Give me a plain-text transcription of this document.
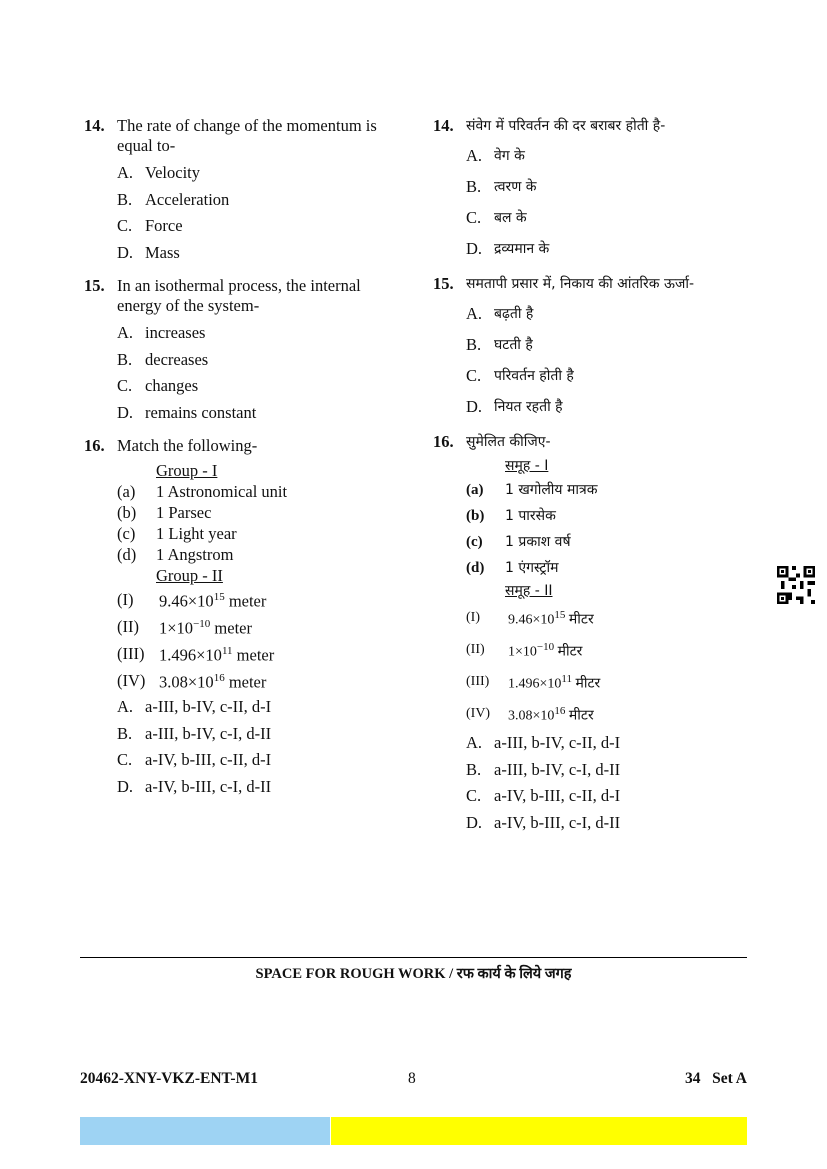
14. The rate of change of the momentum is equal to-
A. Velocity
B. Acceleration
C. Force
D. Mass
15. In an isothermal process, the internal energy of the system-
A. increases
B. decreases
C. changes
D. remains constant
16. Match the following-
Group - I
(a)	1 Astronomical unit
(b)	1 Parsec
(c)	1 Light year
(d)	1 Angstrom
Group - II
(I)	$9.46\times 10^{15}$ meter
(II)	$1\times 10^{-10}$ meter
(III) $1.496\times 10^{11}$ meter
(IV) $3.08\times 10^{16}$ meter
A. a-III, b-IV, c-II, d-I
B. a-III, b-IV, c-I, d-II
C. a-IV, b-III, c-II, d-I
D. a-IV, b-III, c-I, d-II
14. संवेग में परिवर्तन की दर बराबर होती है-
A. वेग के
B. त्वरण के
C. बल के
D. द्रव्यमान के
15. समतापी प्रसार में, निकाय की आंतरिक ऊर्जा-
A. बढ़ती है
B. घटती है
C. परिवर्तन होती है
D. नियत रहती है
16. सुमेलित कीजिए-
समूह - I
(a)	1 खगोलीय मात्रक
(b)	1 पारसेक
(c)	1 प्रकाश वर्ष
(d)	1 एंगस्ट्रॉम
समूह - II
(I)	$9.46\times 10^{15}$ मीटर
(II)	$1\times 10^{-10}$ मीटर
(III)	$1.496\times 10^{11}$ मीटर
(IV)	$3.08\times 10^{16}$ मीटर
A. a-III, b-IV, c-II, d-I
B. a-III, b-IV, c-I, d-II
C. a-IV, b-III, c-II, d-I
D. a-IV, b-III, c-I, d-II
SPACE FOR ROUGH WORK / रफ कार्य के लिये जगह
20462-XNY-VKZ-ENT-M1	8	34   Set A
